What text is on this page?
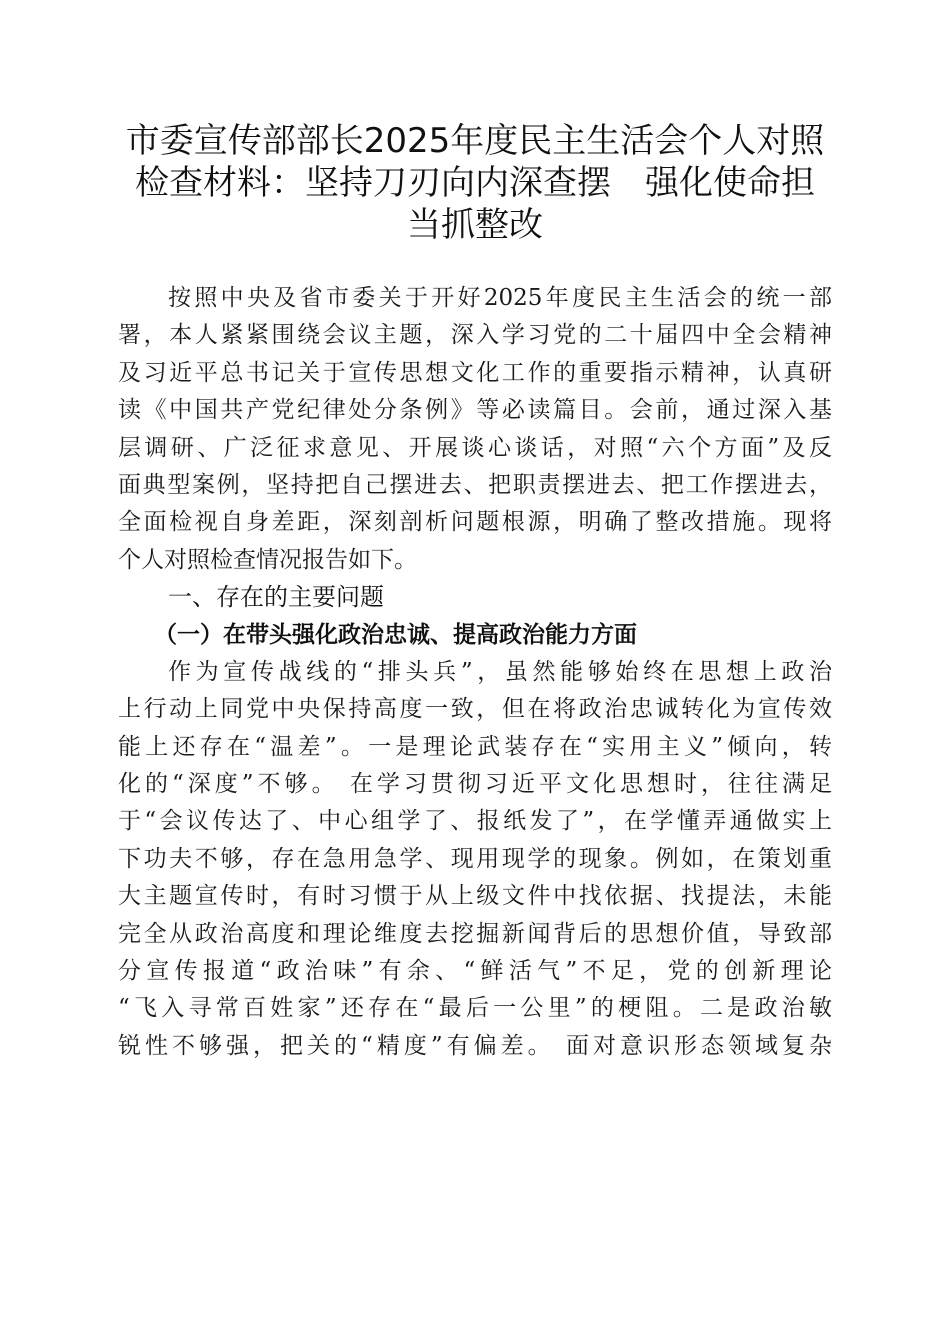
市委宣传部部长2025年度民主生活会个人对照
检查材料：坚持刀刃向内深查摆　强化使命担
当抓整改
按照中央及省市委关于开好2025年度民主生活会的统一部
署，本人紧紧围绕会议主题，深入学习党的二十届四中全会精神
及习近平总书记关于宣传思想文化工作的重要指示精神，认真研
读《中国共产党纪律处分条例》等必读篇目。会前，通过深入基
层调研、广泛征求意见、开展谈心谈话，对照“六个方面”及反
面典型案例，坚持把自己摆进去、把职责摆进去、把工作摆进去，
全面检视自身差距，深刻剖析问题根源，明确了整改措施。现将
个人对照检查情况报告如下。
一、存在的主要问题
（一）在带头强化政治忠诚、提高政治能力方面
作为宣传战线的“排头兵”，虽然能够始终在思想上政治
上行动上同党中央保持高度一致，但在将政治忠诚转化为宣传效
能上还存在“温差”。一是理论武装存在“实用主义”倾向，转
化的“深度”不够。 在学习贯彻习近平文化思想时，往往满足
于“会议传达了、中心组学了、报纸发了”，在学懂弄通做实上
下功夫不够，存在急用急学、现用现学的现象。例如，在策划重
大主题宣传时，有时习惯于从上级文件中找依据、找提法，未能
完全从政治高度和理论维度去挖掘新闻背后的思想价值，导致部
分宣传报道“政治味”有余、“鲜活气”不足，党的创新理论
“飞入寻常百姓家”还存在“最后一公里”的梗阻。二是政治敏
锐性不够强，把关的“精度”有偏差。 面对意识形态领域复杂
